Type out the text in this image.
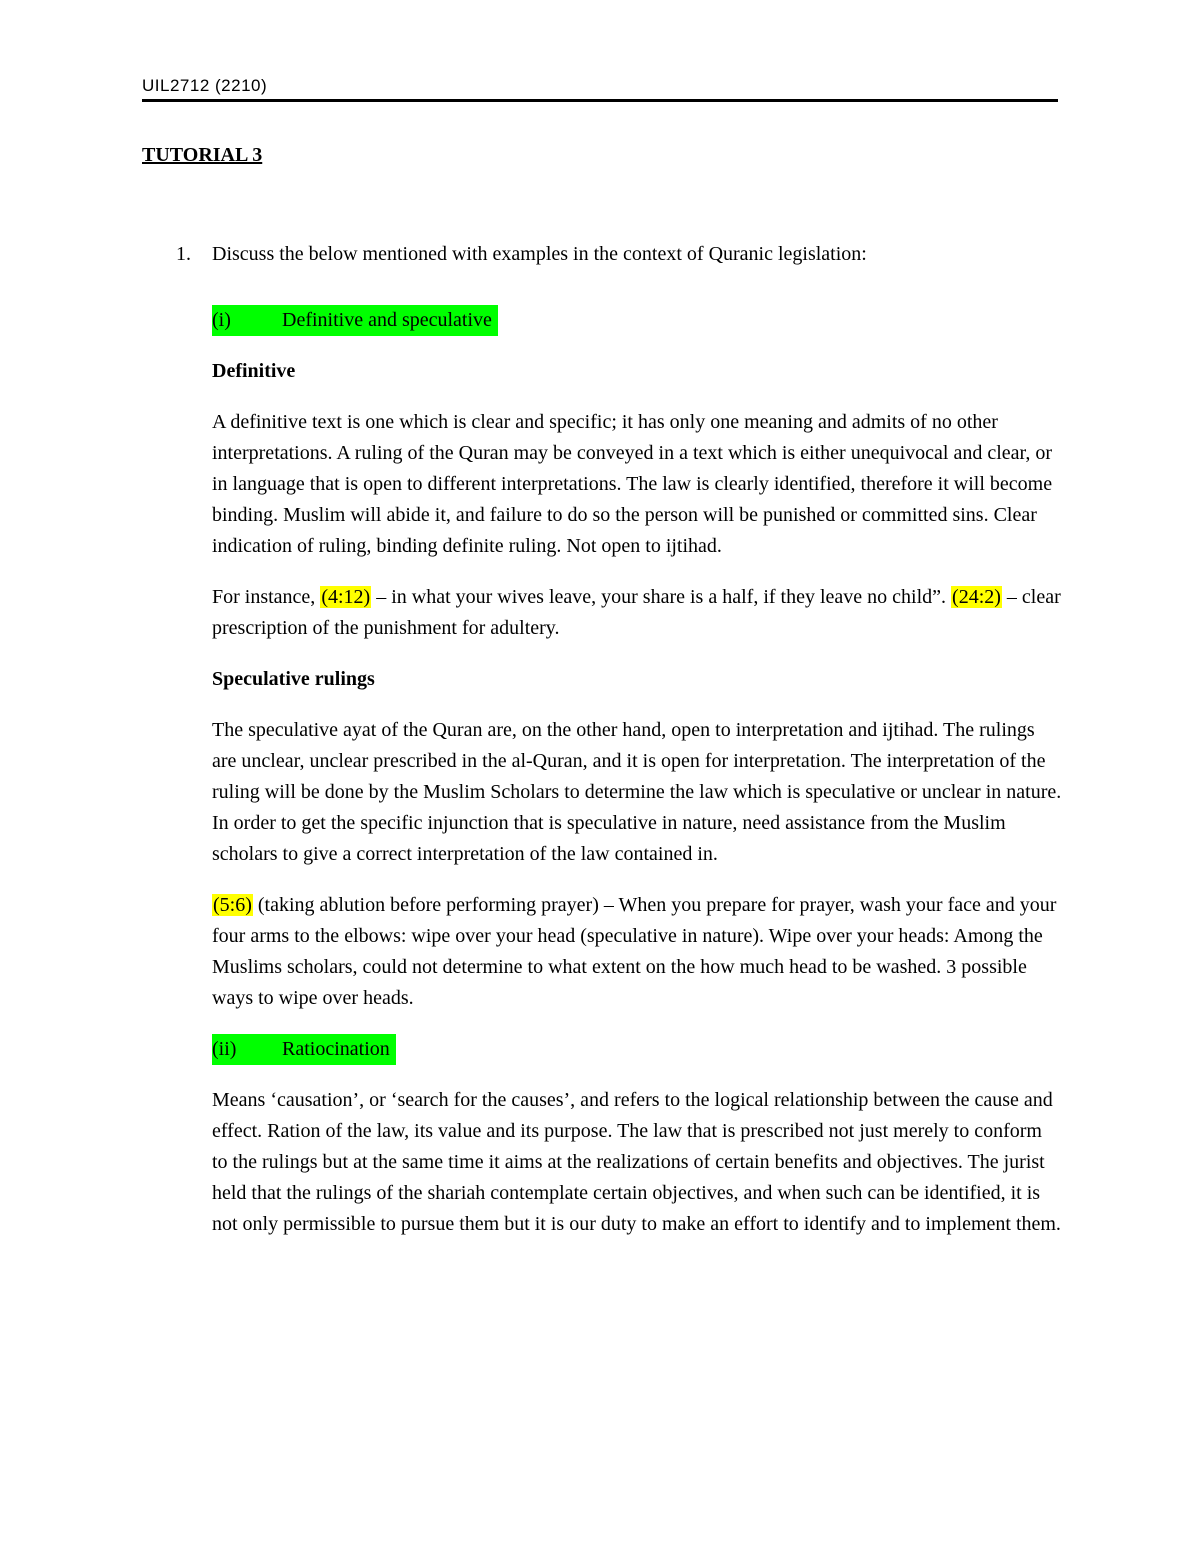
UIL2712 (2210)
TUTORIAL 3
1. Discuss the below mentioned with examples in the context of Quranic legislation:

(i)	Definitive and speculative

Definitive

A definitive text is one which is clear and specific; it has only one meaning and admits of no other interpretations. A ruling of the Quran may be conveyed in a text which is either unequivocal and clear, or in language that is open to different interpretations. The law is clearly identified, therefore it will become binding. Muslim will abide it, and failure to do so the person will be punished or committed sins. Clear indication of ruling, binding definite ruling. Not open to ijtihad.

For instance, (4:12) – in what your wives leave, your share is a half, if they leave no child”. (24:2) – clear prescription of the punishment for adultery.

Speculative rulings

The speculative ayat of the Quran are, on the other hand, open to interpretation and ijtihad. The rulings are unclear, unclear prescribed in the al-Quran, and it is open for interpretation. The interpretation of the ruling will be done by the Muslim Scholars to determine the law which is speculative or unclear in nature. In order to get the specific injunction that is speculative in nature, need assistance from the Muslim scholars to give a correct interpretation of the law contained in.

(5:6) (taking ablution before performing prayer) – When you prepare for prayer, wash your face and your four arms to the elbows: wipe over your head (speculative in nature). Wipe over your heads: Among the Muslims scholars, could not determine to what extent on the how much head to be washed. 3 possible ways to wipe over heads.

(ii) Ratiocination

Means ‘causation’, or ‘search for the causes’, and refers to the logical relationship between the cause and effect. Ration of the law, its value and its purpose. The law that is prescribed not just merely to conform to the rulings but at the same time it aims at the realizations of certain benefits and objectives. The jurist held that the rulings of the shariah contemplate certain objectives, and when such can be identified, it is not only permissible to pursue them but it is our duty to make an effort to identify and to implement them.
